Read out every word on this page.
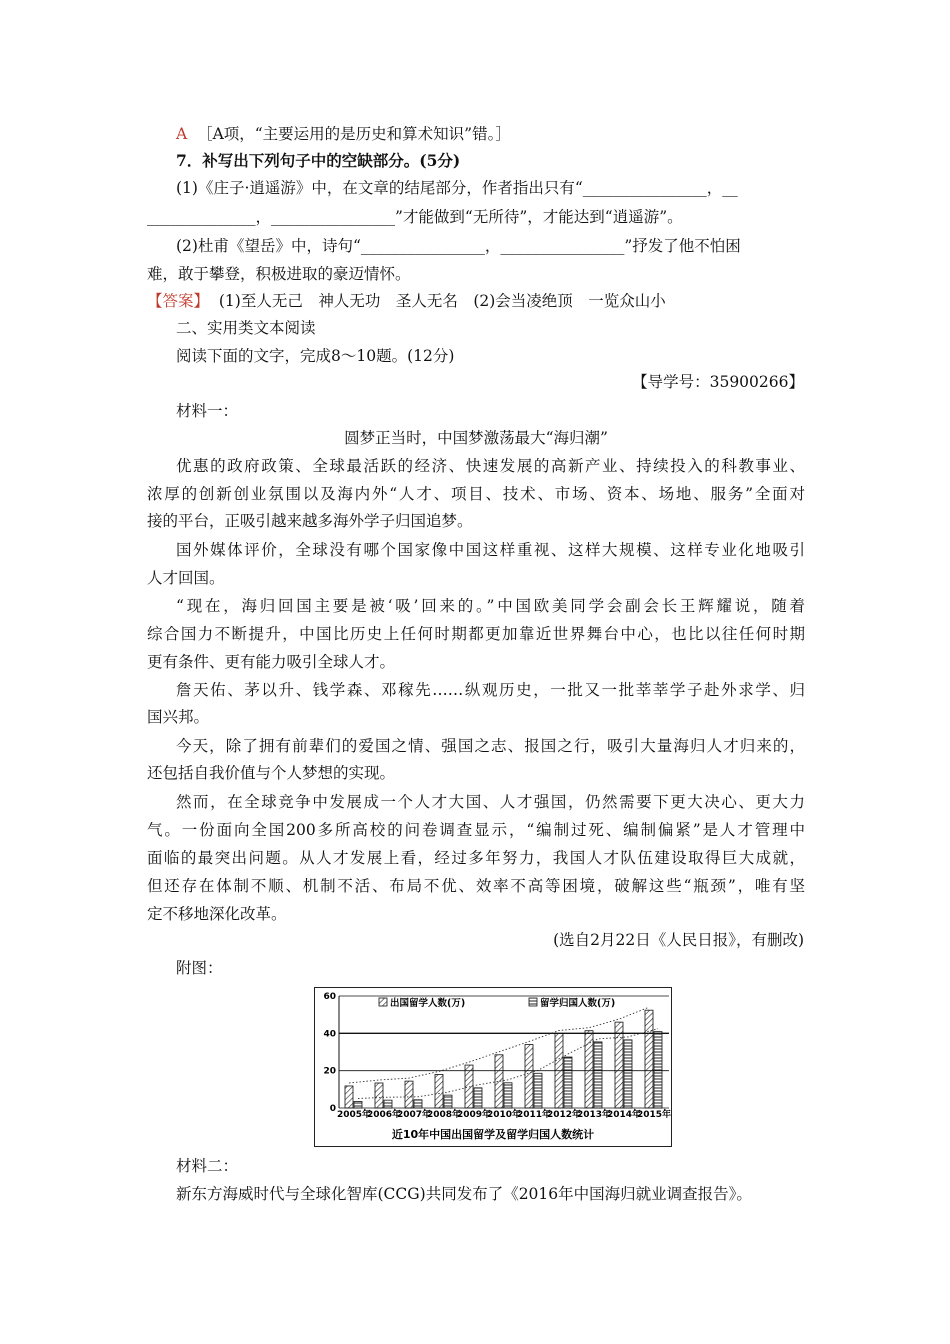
A ［A项，“主要运用的是历史和算术知识”错。］
7．补写出下列句子中的空缺部分。(5分)
(1)《庄子·逍遥游》中，在文章的结尾部分，作者指出只有“________________，__
______________，________________”才能做到“无所待”，才能达到“逍遥游”。
(2)杜甫《望岳》中，诗句“________________，________________”抒发了他不怕困
难，敢于攀登，积极进取的豪迈情怀。
【答案】 (1)至人无己　神人无功　圣人无名　(2)会当凌绝顶　一览众山小
二、实用类文本阅读
阅读下面的文字，完成8～10题。(12分)
【导学号：35900266】
材料一：
圆梦正当时，中国梦激荡最大“海归潮”
优惠的政府政策、全球最活跃的经济、快速发展的高新产业、持续投入的科教事业、
浓厚的创新创业氛围以及海内外“人才、项目、技术、市场、资本、场地、服务”全面对
接的平台，正吸引越来越多海外学子归国追梦。
国外媒体评价，全球没有哪个国家像中国这样重视、这样大规模、这样专业化地吸引
人才回国。
“现在，海归回国主要是被‘吸’回来的。”中国欧美同学会副会长王辉耀说，随着
综合国力不断提升，中国比历史上任何时期都更加靠近世界舞台中心，也比以往任何时期
更有条件、更有能力吸引全球人才。
詹天佑、茅以升、钱学森、邓稼先……纵观历史，一批又一批莘莘学子赴外求学、归
国兴邦。
今天，除了拥有前辈们的爱国之情、强国之志、报国之行，吸引大量海归人才归来的，
还包括自我价值与个人梦想的实现。
然而，在全球竞争中发展成一个人才大国、人才强国，仍然需要下更大决心、更大力
气。一份面向全国200多所高校的问卷调查显示，“编制过死、编制偏紧”是人才管理中
面临的最突出问题。从人才发展上看，经过多年努力，我国人才队伍建设取得巨大成就，
但还存在体制不顺、机制不活、布局不优、效率不高等困境，破解这些“瓶颈”，唯有坚
定不移地深化改革。
(选自2月22日《人民日报》，有删改)
附图：
2005年
2006年
2007年
2008年
2009年
2010年
2011年
2012年
2013年
2014年
2015年
0
20
40
60
出国留学人数(万)	留学归国人数(万)
近10年中国出国留学及留学归国人数统计
材料二：
新东方海威时代与全球化智库(CCG)共同发布了《2016年中国海归就业调查报告》。
